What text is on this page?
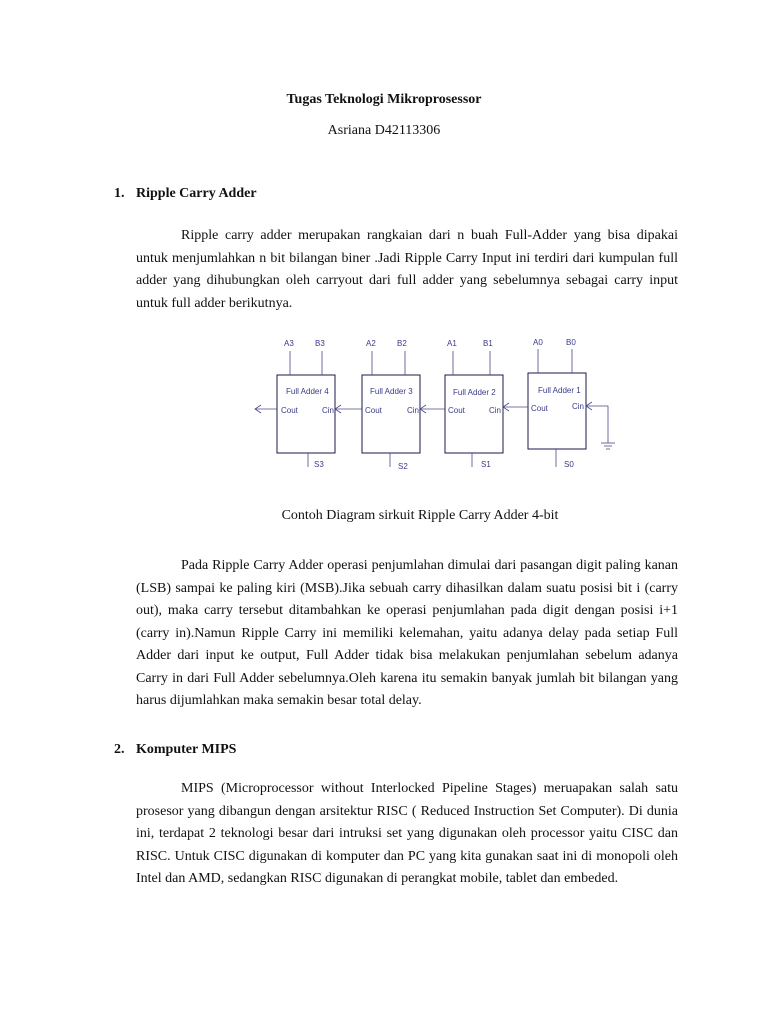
Tugas Teknologi Mikroprosessor
Asriana D42113306
1. Ripple Carry Adder

Ripple carry adder merupakan rangkaian dari n buah Full-Adder yang bisa dipakai untuk menjumlahkan n bit bilangan biner .Jadi Ripple Carry Input ini terdiri dari kumpulan full adder yang dihubungkan oleh carryout dari full adder yang sebelumnya sebagai carry input untuk full adder berikutnya.

Full Adder 4
Cout	Cin
A3	B3
S3
Full Adder 3
Cout	Cin
A2	B2
S2
Full Adder 2
Cout	Cin
A1	B1
S1
Full Adder 1
Cout	Cin
A0	B0
S0
Contoh Diagram sirkuit Ripple Carry Adder 4-bit

Pada Ripple Carry Adder operasi penjumlahan dimulai dari pasangan digit paling kanan (LSB) sampai ke paling kiri (MSB).Jika sebuah carry dihasilkan dalam suatu posisi bit i (carry out), maka carry tersebut ditambahkan ke operasi penjumlahan pada digit dengan posisi i+1 (carry in).Namun Ripple Carry ini memiliki kelemahan, yaitu adanya delay pada setiap Full Adder dari input ke output, Full Adder tidak bisa melakukan penjumlahan sebelum adanya Carry in dari Full Adder sebelumnya.Oleh karena itu semakin banyak jumlah bit bilangan yang harus dijumlahkan maka semakin besar total delay.

2. Komputer MIPS

MIPS (Microprocessor without Interlocked Pipeline Stages) meruapakan salah satu prosesor yang dibangun dengan arsitektur RISC ( Reduced Instruction Set Computer). Di dunia ini, terdapat 2 teknologi besar dari intruksi set yang digunakan oleh processor yaitu CISC dan RISC. Untuk CISC digunakan di komputer dan PC yang kita gunakan saat ini di monopoli oleh Intel dan AMD, sedangkan RISC digunakan di perangkat mobile, tablet dan embeded.
